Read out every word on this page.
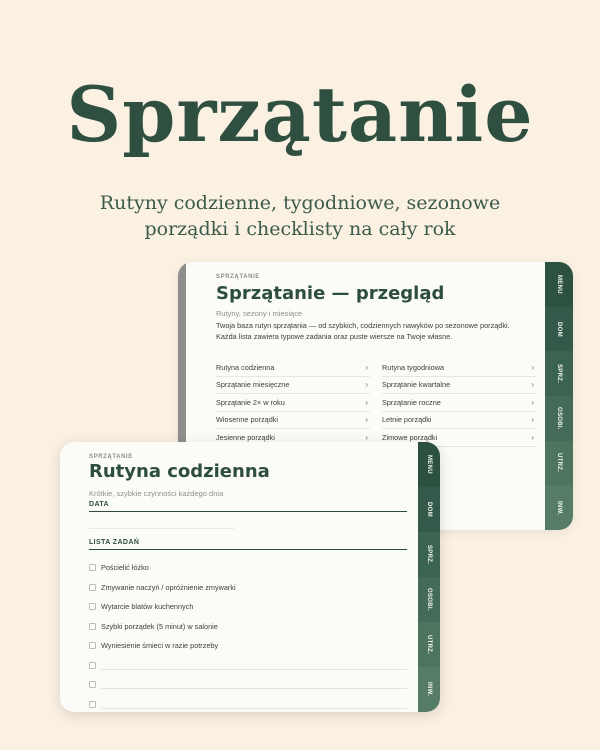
Sprzątanie
Rutyny codzienne, tygodniowe, sezonowe
porządki i checklisty na cały rok
SPRZĄTANIE
Sprzątanie — przegląd
Rutyny, sezony i miesiące
Twoja baza rutyn sprzątania — od szybkich, codziennych nawyków po sezonowe porządki. Każda lista zawiera typowe zadania oraz puste wiersze na Twoje własne.
Rutyna codzienna	› Rutyna tygodniowa	›
Sprzątanie miesięczne	› Sprzątanie kwartalne	›
Sprzątanie 2× w roku	› Sprzątanie roczne	›
Wiosenne porządki	› Letnie porządki	›
Jesienne porządki	› Zimowe porządki	›
MENU
DOM
SPRZ.
OSOBI.
UTRZ.
INW.
SPRZĄTANIE
Rutyna codzienna
Krótkie, szybkie czynności każdego dnia
DATA
LISTA ZADAŃ
Pościelić łóżko
Zmywanie naczyń / opróżnienie zmywarki
Wytarcie blatów kuchennych
Szybki porządek (5 minut) w salonie
Wyniesienie śmieci w razie potrzeby
MENU
DOM
SPRZ.
OSOBI.
UTRZ.
INW.
